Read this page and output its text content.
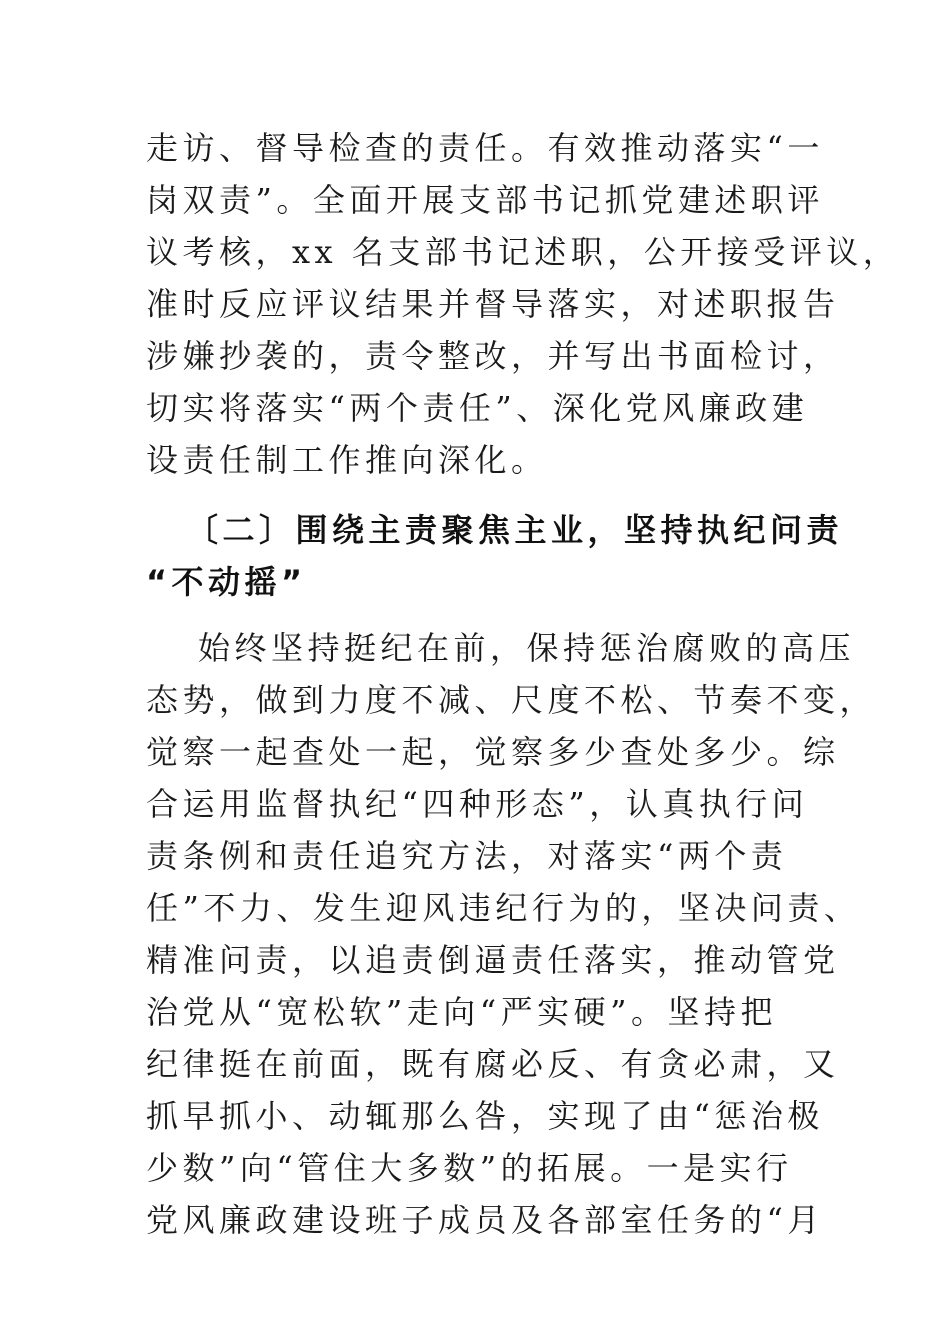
走访、督导检查的责任。有效推动落实“一
岗双责”。全面开展支部书记抓党建述职评
议考核，xx 名支部书记述职，公开接受评议，
准时反应评议结果并督导落实，对述职报告
涉嫌抄袭的，责令整改，并写出书面检讨，
切实将落实“两个责任”、深化党风廉政建
设责任制工作推向深化。
〔二〕围绕主责聚焦主业，坚持执纪问责
“不动摇”
始终坚持挺纪在前，保持惩治腐败的高压
态势，做到力度不减、尺度不松、节奏不变，
觉察一起查处一起，觉察多少查处多少。综
合运用监督执纪“四种形态”，认真执行问
责条例和责任追究方法，对落实“两个责
任”不力、发生迎风违纪行为的，坚决问责、
精准问责，以追责倒逼责任落实，推动管党
治党从“宽松软”走向“严实硬”。坚持把
纪律挺在前面，既有腐必反、有贪必肃，又
抓早抓小、动辄那么咎，实现了由“惩治极
少数”向“管住大多数”的拓展。一是实行
党风廉政建设班子成员及各部室任务的“月
